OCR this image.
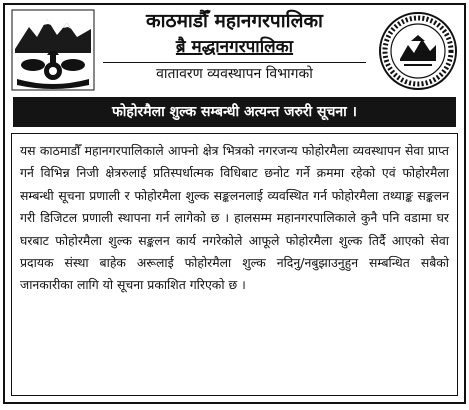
काठमाडौँ महानगरपालिका
ब्रै मद्धानगरपालिका
वातावरण व्यवस्थापन विभागको
फोहोरमैला शुल्क सम्बन्धी अत्यन्त जरुरी सूचना ।

यस काठमाडौँ महानगरपालिकाले आफ्नो क्षेत्र भित्रको नगरजन्य फोहोरमैला व्यवस्थापन सेवा प्राप्त गर्न विभिन्न निजी क्षेत्ररुलाई प्रतिस्पर्धात्मक विधिबाट छनोट गर्ने क्रममा रहेको एवं फोहोरमैला सम्बन्धी सूचना प्रणाली र फोहोरमैला शुल्क सङ्कलनलाई व्यवस्थित गर्न फोहोरमैला तथ्याङ्क सङ्कलन गरी डिजिटल प्रणाली स्थापना गर्न लागेको छ । हालसम्म महानगरपालिकाले कुनै पनि वडामा घर घरबाट फोहोरमैला शुल्क सङ्कलन कार्य नगरेकोले आफूले फोहोरमैला शुल्क तिर्दै आएको सेवा प्रदायक संस्था बाहेक अरूलाई फोहोरमैला शुल्क नदिनु/नबुझाउनुहुन सम्बन्धित सबैको जानकारीका लागि यो सूचना प्रकाशित गरिएको छ ।
